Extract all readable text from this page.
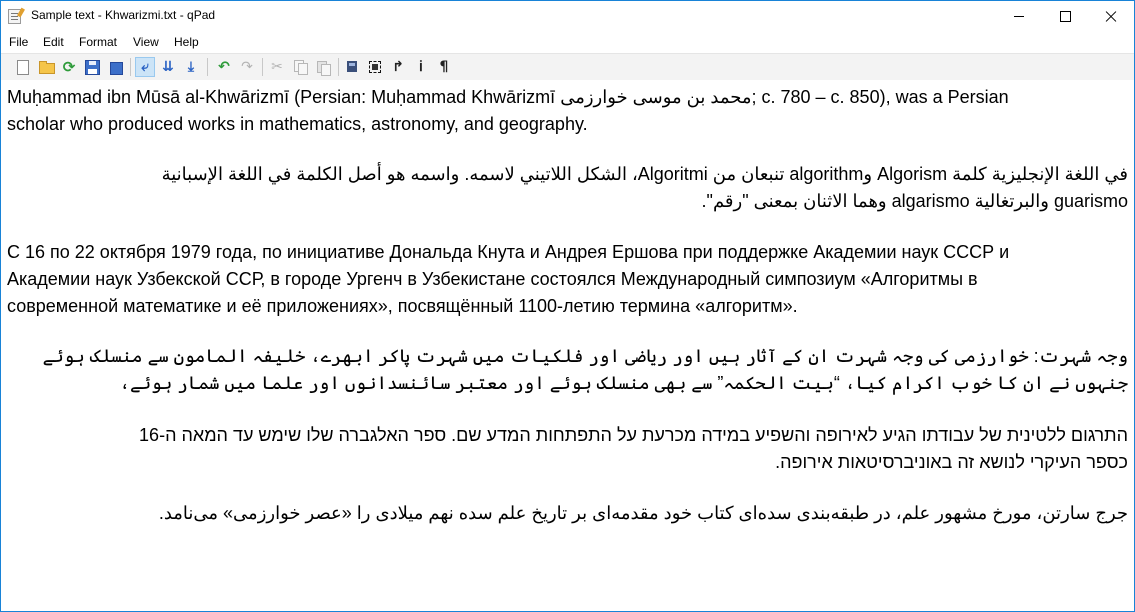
Sample text - Khwarizmi.txt - qPad
File Edit Format View Help
⟳	⤶ ⇊	⤓	↶ ↷ ✂	↱	Ꭵ	¶
Muḥammad ibn Mūsā al-Khwārizmī (Persian: Muḥammad Khwārizmī محمد بن موسی خوارزمی; c. 780 – c. 850), was a Persian
scholar who produced works in mathematics, astronomy, and geography.
في اللغة الإنجليزية كلمة Algorism وalgorithm تنبعان من Algoritmi، الشكل اللاتيني لاسمه. واسمه هو أصل الكلمة في اللغة الإسبانية
guarismo والبرتغالية algarismo وهما الاثنان بمعنى "رقم".
С 16 по 22 октября 1979 года, по инициативе Дональда Кнута и Андрея Ершова при поддержке Академии наук СССР и
Академии наук Узбекской ССР, в городе Ургенч в Узбекистане состоялся Международный симпозиум «Алгоритмы в
современной математике и её приложениях», посвящённый 1100-летию термина «алгоритм».
وجہ شہرت: خوارزمی کی وجہ شہرت ان کے آثار ہیں اور ریاضی اور فلکیات میں شہرت پاکر ابھرے، خلیفہ المامون سے منسلک ہوئے
جنہوں نے ان کا خوب اکرام کیا، “بیت الحکمہ” سے بھی منسلک ہوئے اور معتبر سائنسدانوں اور علما میں شمار ہوئے،
התרגום ללטינית של עבודתו הגיע לאירופה והשפיע במידה מכרעת על התפתחות המדע שם. ספר האלגברה שלו שימש עד המאה ה-16
כספר העיקרי לנושא זה באוניברסיטאות אירופה.
جرج سارتن، مورخ مشهور علم، در طبقه‌بندی سده‌ای کتاب خود مقدمه‌ای بر تاریخ علم سده نهم میلادی را «عصر خوارزمی» می‌نامد.
